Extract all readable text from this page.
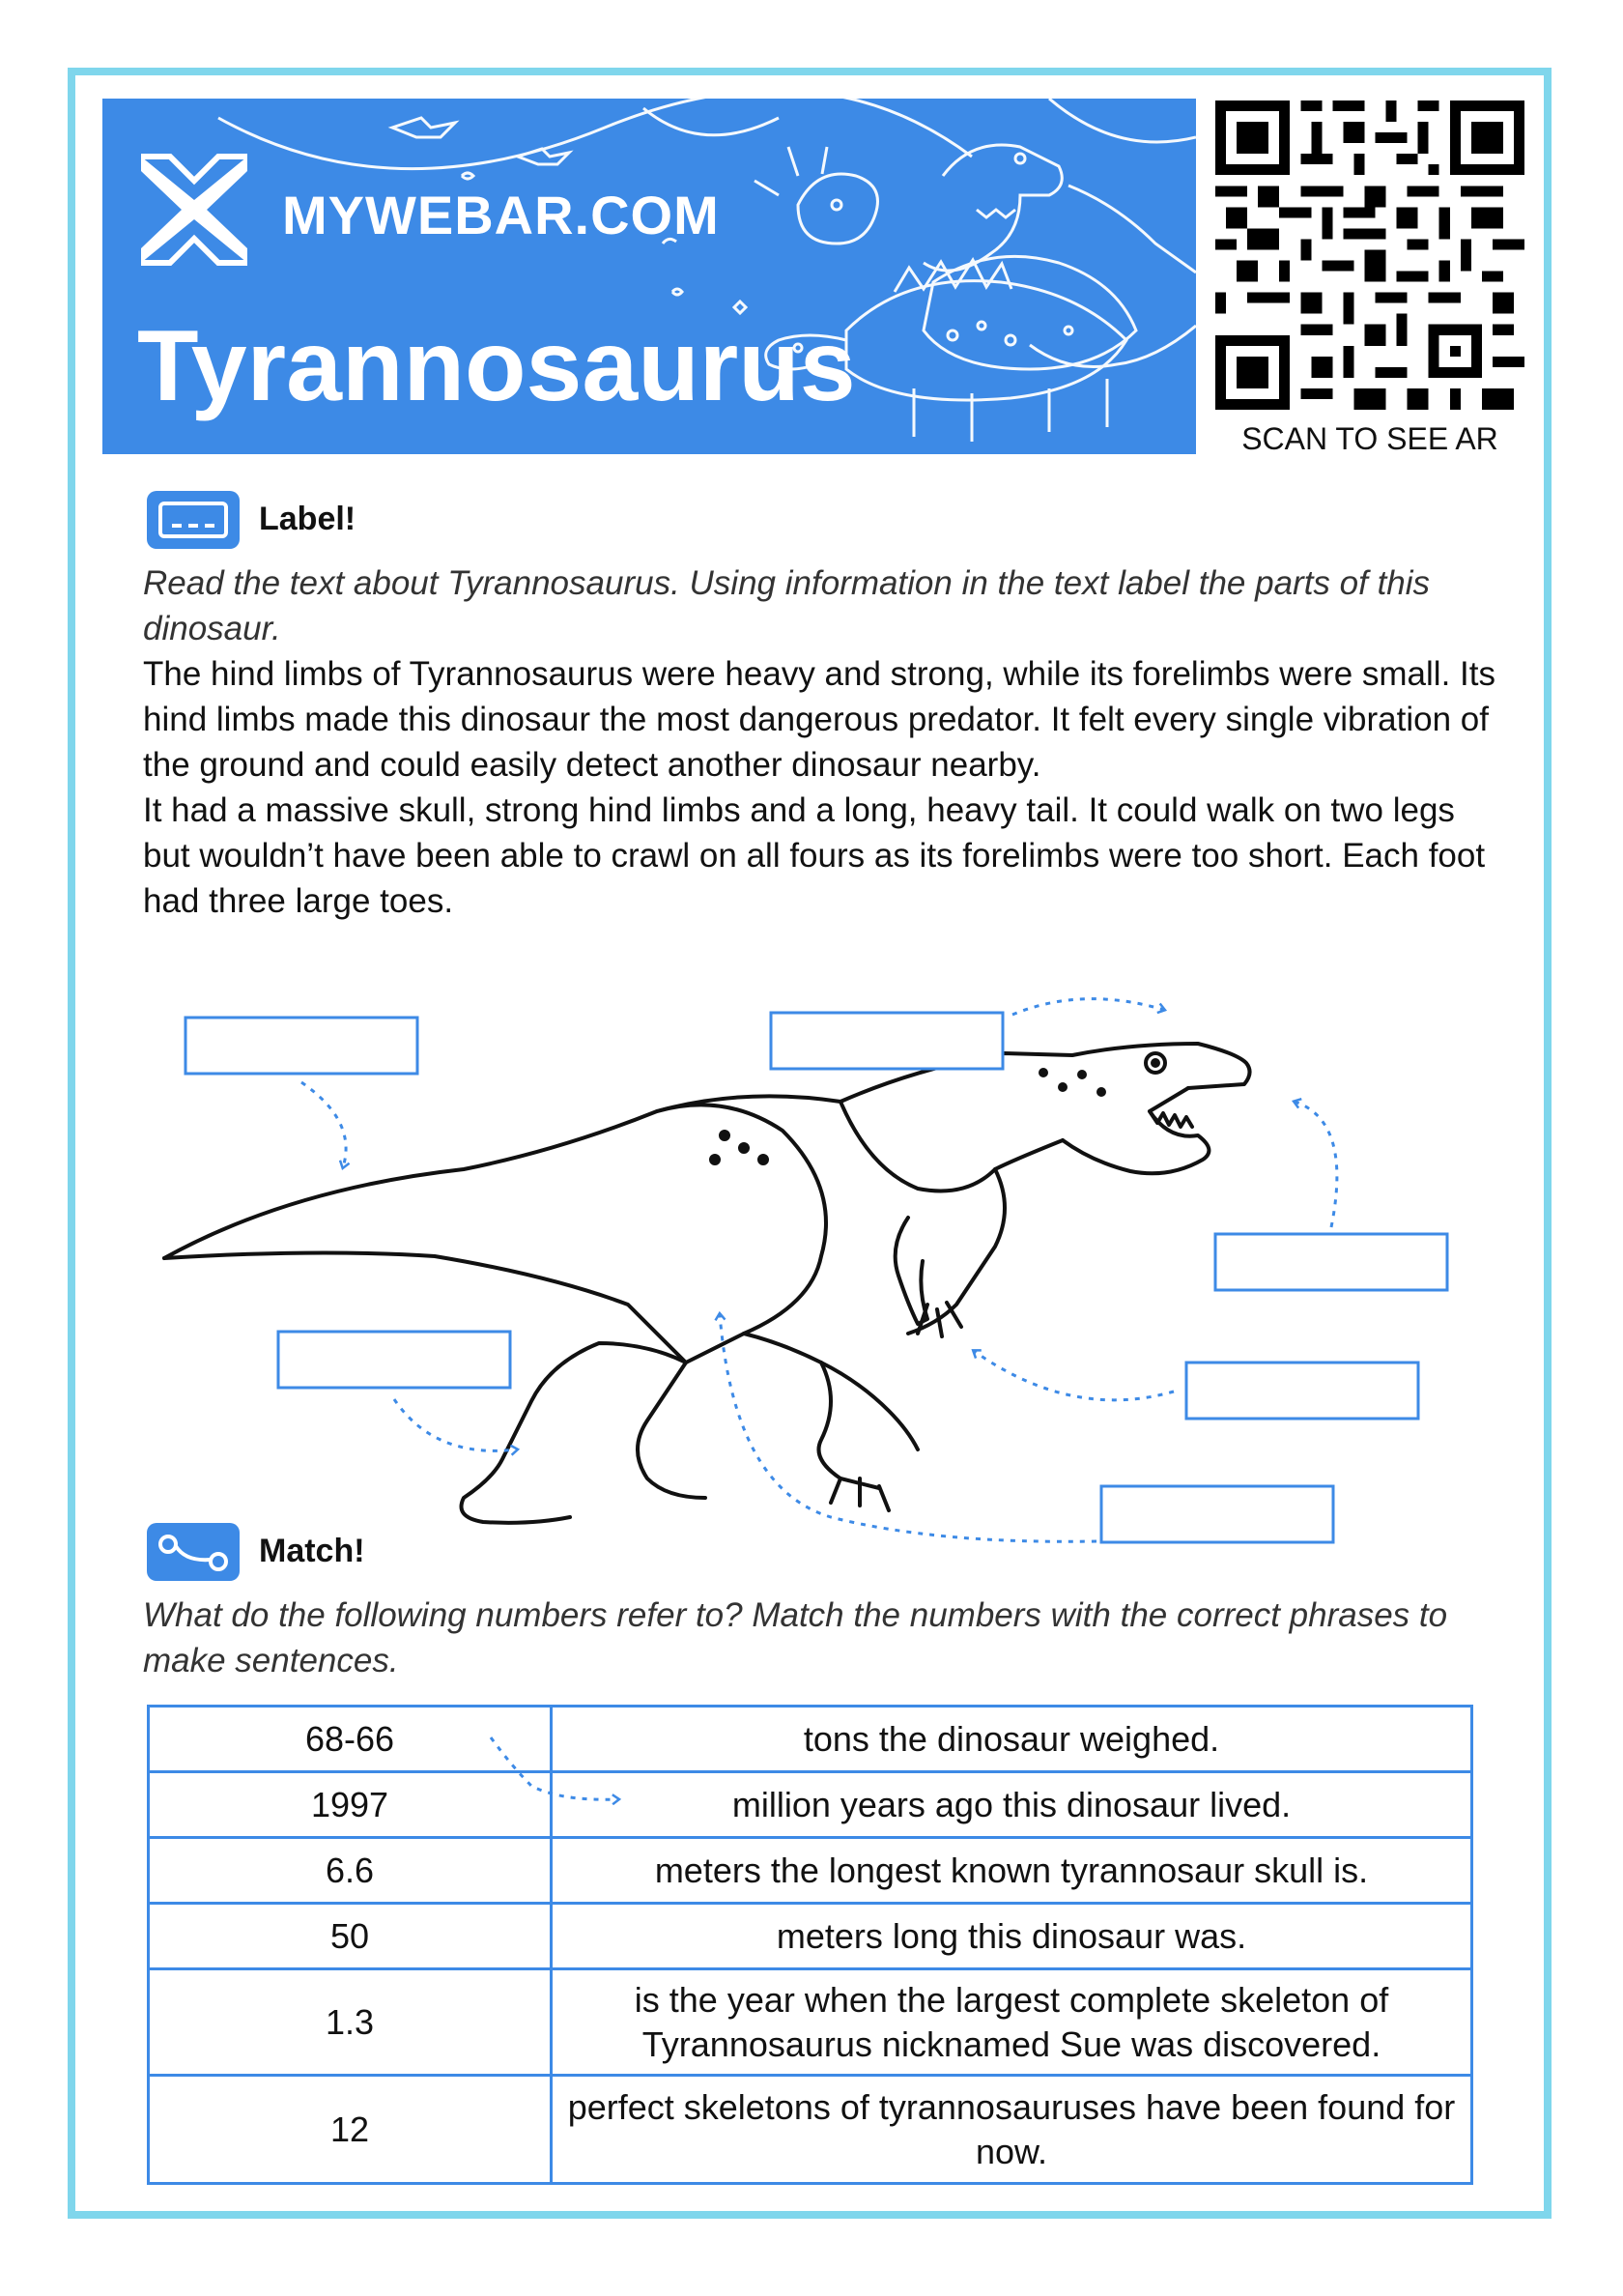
MYWEBAR.COM
Tyrannosaurus
SCAN TO SEE AR
Label!
Read the text about Tyrannosaurus. Using information in the text label the parts of this dinosaur.

The hind limbs of Tyrannosaurus were heavy and strong, while its forelimbs were small. Its hind limbs made this dinosaur the most dangerous predator. It felt every single vibration of the ground and could easily detect another dinosaur nearby.

It had a massive skull, strong hind limbs and a long, heavy tail. It could walk on two legs but wouldn’t have been able to crawl on all fours as its forelimbs were too short. Each foot had three large toes.

Match!
What do the following numbers refer to? Match the numbers with the correct phrases to make sentences.
68-66	tons the dinosaur weighed.
1997	million years ago this dinosaur lived.
6.6	meters the longest known tyrannosaur skull is.
50	meters long this dinosaur was.
1.3	is the year when the largest complete skeleton of Tyrannosaurus nicknamed Sue was discovered.
12	perfect skeletons of tyrannosauruses have been found for now.
